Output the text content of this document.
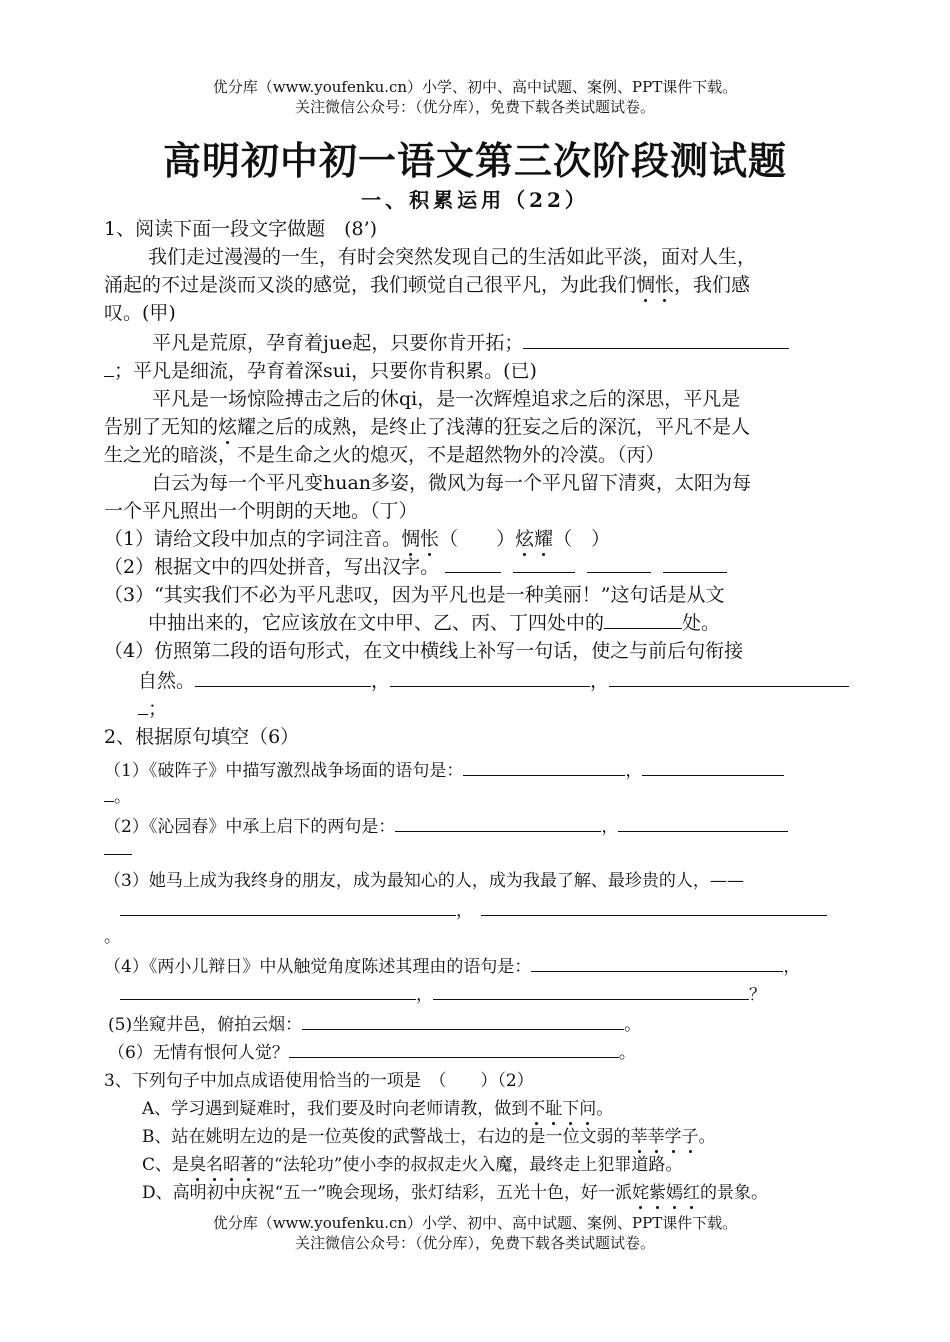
优分库（www.youfenku.cn）小学、初中、高中试题、案例、PPT课件下载。
关注微信公众号：（优分库），免费下载各类试题试卷。
高明初中初一语文第三次阶段测试题
一、积累运用（22）
1、阅读下面一段文字做题　(8’)
我们走过漫漫的一生，有时会突然发现自己的生活如此平淡，面对人生，
涌起的不过是淡而又淡的感觉，我们顿觉自己很平凡，为此我们惆怅，我们感
叹。(甲)
平凡是荒原，孕育着jue起，只要你肯开拓；
；平凡是细流，孕育着深sui，只要你肯积累。(已)
平凡是一场惊险搏击之后的休qi，是一次辉煌追求之后的深思，平凡是
告别了无知的炫耀之后的成熟，是终止了浅薄的狂妄之后的深沉，平凡不是人
生之光的暗淡，不是生命之火的熄灭，不是超然物外的冷漠。（丙）
白云为每一个平凡变huan多姿，微风为每一个平凡留下清爽，太阳为每
一个平凡照出一个明朗的天地。（丁）
（1）请给文段中加点的字词注音。惆怅（　　）炫耀（　）
（2）根据文中的四处拼音，写出汉字。
（3）“其实我们不必为平凡悲叹，因为平凡也是一种美丽！”这句话是从文
中抽出来的，它应该放在文中甲、乙、丙、丁四处中的	处。
（4）仿照第二段的语句形式，在文中横线上补写一句话，使之与前后句衔接
自然。	，	，
；
2、根据原句填空（6）
（1）《破阵子》中描写激烈战争场面的语句是：	，
。
（2）《沁园春》中承上启下的两句是：	，
（3）她马上成为我终身的朋友，成为最知心的人，成为我最了解、最珍贵的人，——
，
。
（4）《两小儿辩日》中从触觉角度陈述其理由的语句是：	，
，	？
(5)坐窥井邑，俯拍云烟：	。
（6）无情有恨何人觉？	。
3、下列句子中加点成语使用恰当的一项是　（　　）（2）
A、学习遇到疑难时，我们要及时向老师请教，做到不耻下问。
B、站在姚明左边的是一位英俊的武警战士，右边的是一位文弱的莘莘学子。
C、是臭名昭著的“法轮功”使小李的叔叔走火入魔，最终走上犯罪道路。
D、高明初中庆祝“五一”晚会现场，张灯结彩，五光十色，好一派姹紫嫣红的景象。
优分库（www.youfenku.cn）小学、初中、高中试题、案例、PPT课件下载。
关注微信公众号：（优分库），免费下载各类试题试卷。
